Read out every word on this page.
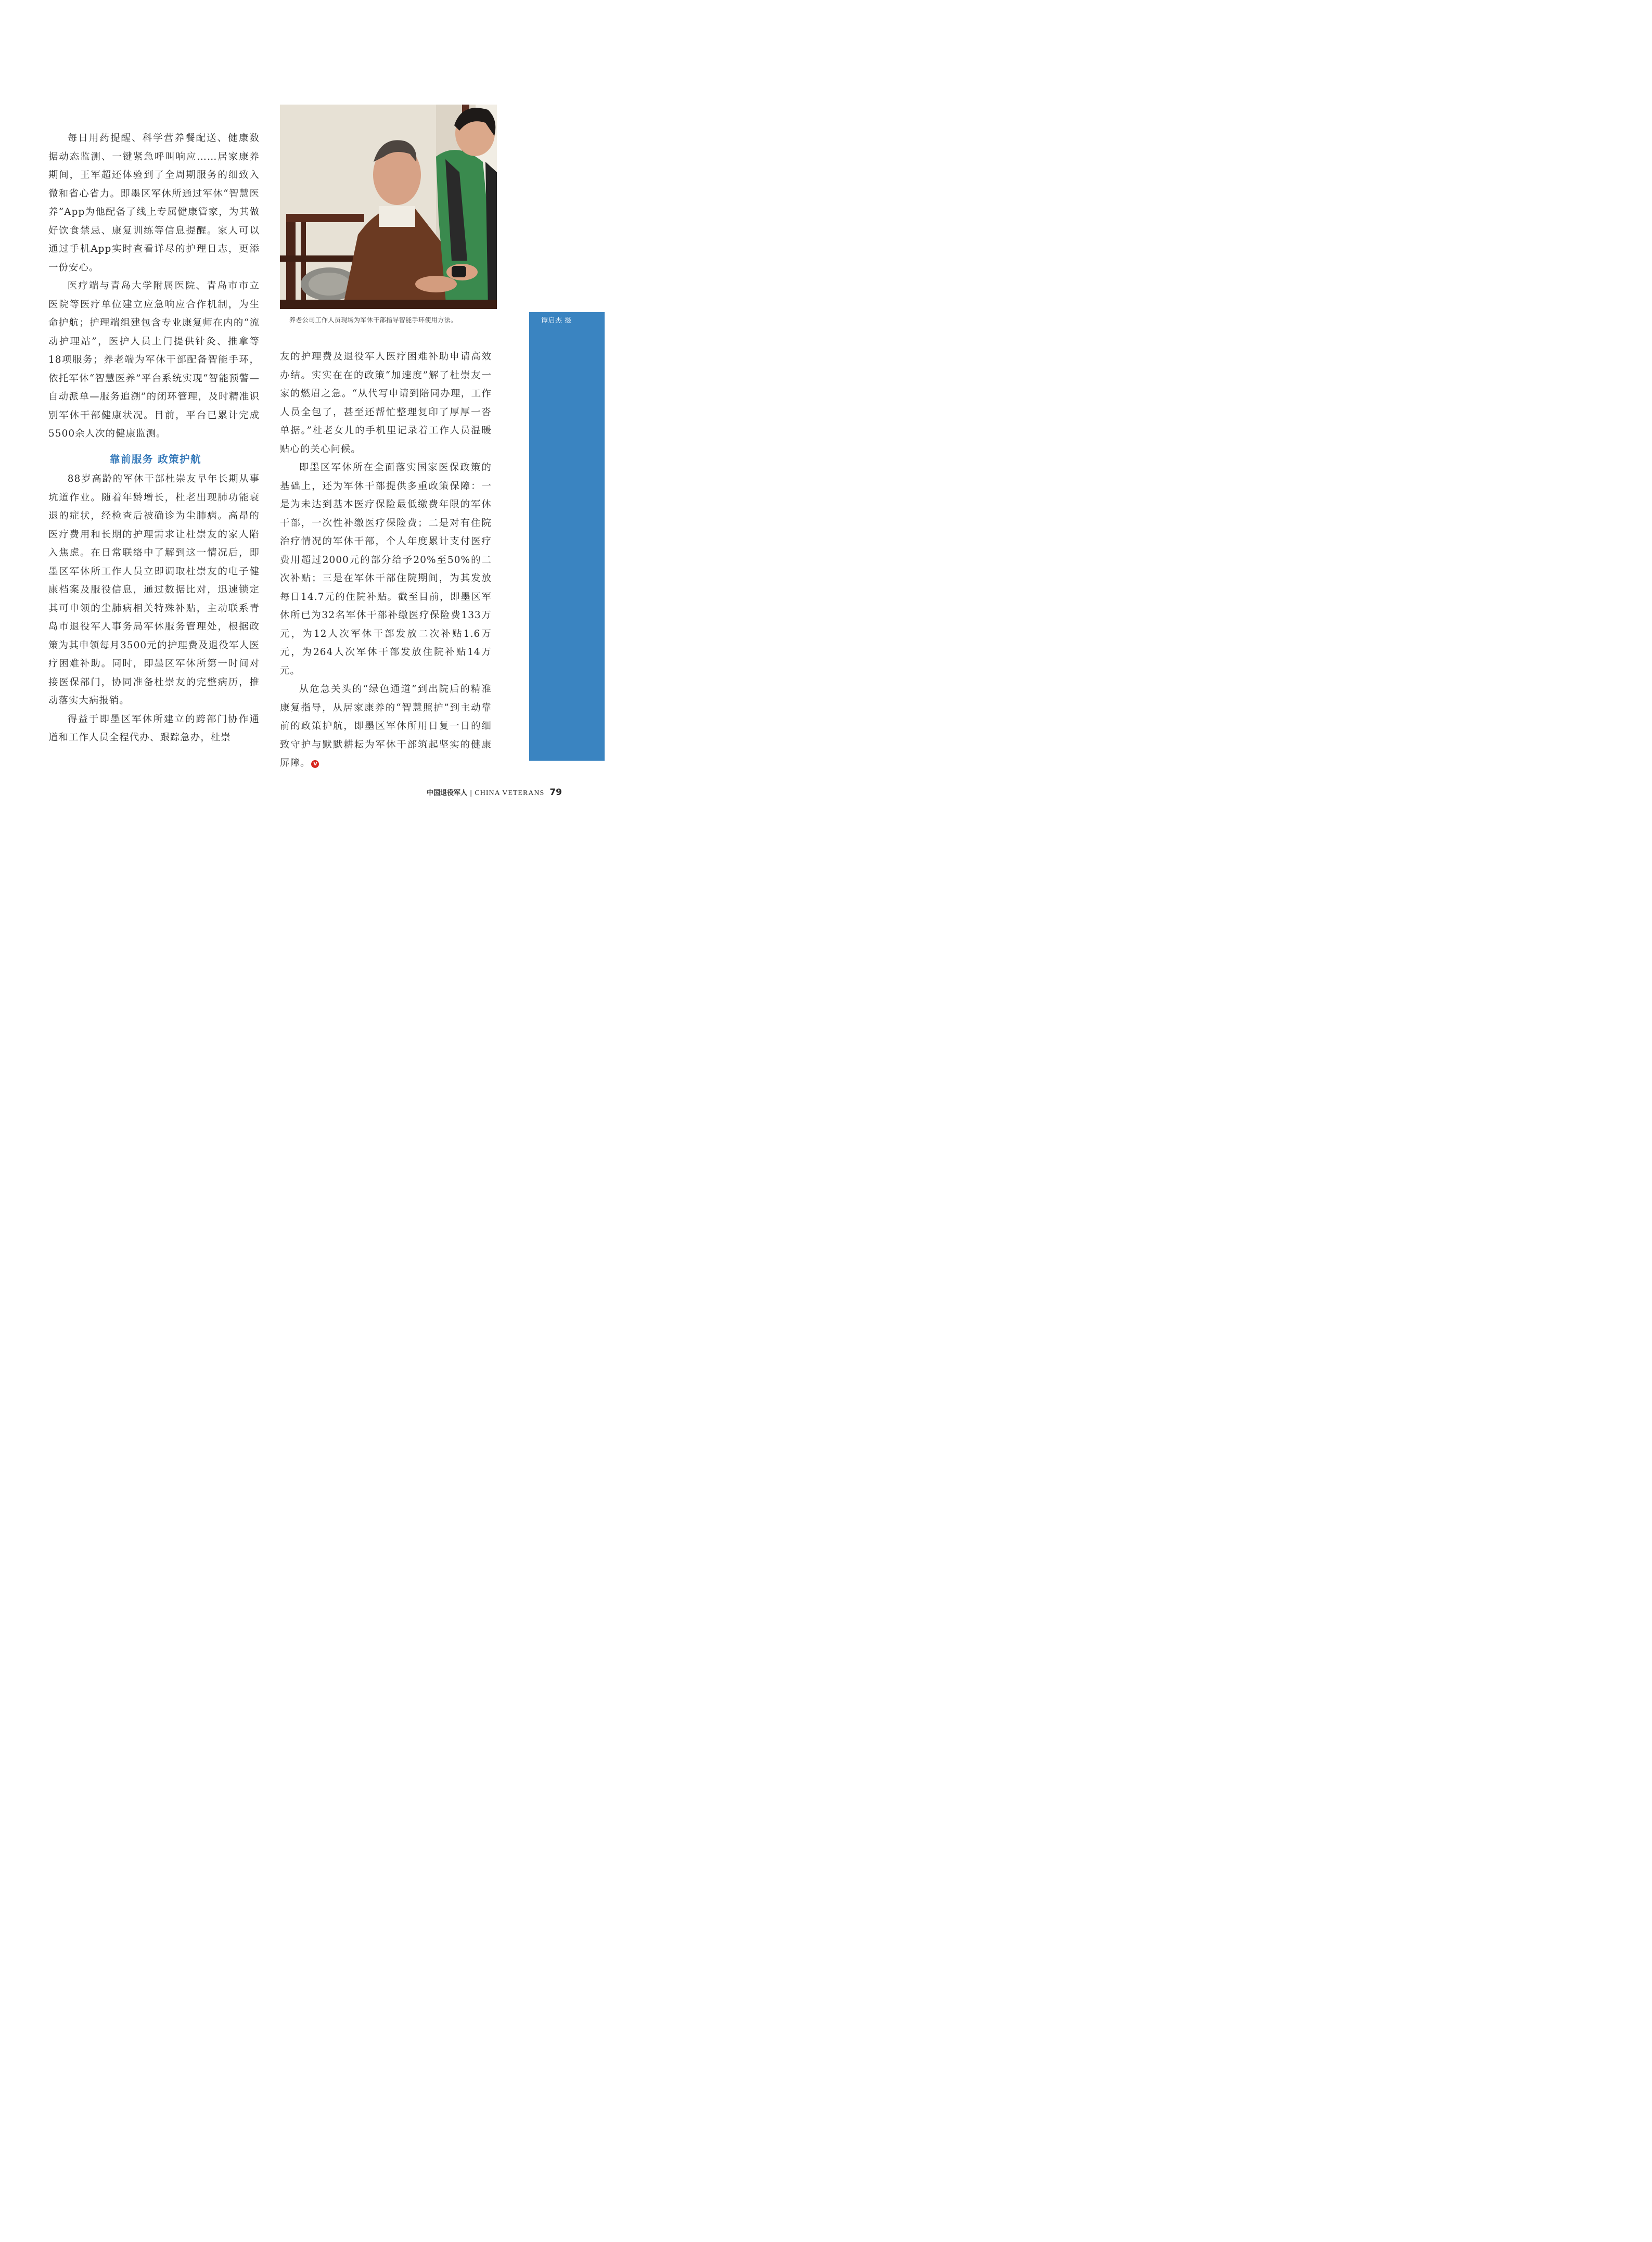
谭启杰 摄
养老公司工作人员现场为军休干部指导智能手环使用方法。

每日用药提醒、科学营养餐配送、健康数据动态监测、一键紧急呼叫响应……居家康养期间，王军超还体验到了全周期服务的细致入微和省心省力。即墨区军休所通过军休“智慧医养”App为他配备了线上专属健康管家，为其做好饮食禁忌、康复训练等信息提醒。家人可以通过手机App实时查看详尽的护理日志，更添一份安心。

医疗端与青岛大学附属医院、青岛市市立医院等医疗单位建立应急响应合作机制，为生命护航；护理端组建包含专业康复师在内的“流动护理站”，医护人员上门提供针灸、推拿等18项服务；养老端为军休干部配备智能手环，依托军休“智慧医养”平台系统实现“智能预警—自动派单—服务追溯”的闭环管理，及时精准识别军休干部健康状况。目前，平台已累计完成5500余人次的健康监测。

靠前服务 政策护航

88岁高龄的军休干部杜崇友早年长期从事坑道作业。随着年龄增长，杜老出现肺功能衰退的症状，经检查后被确诊为尘肺病。高昂的医疗费用和长期的护理需求让杜崇友的家人陷入焦虑。在日常联络中了解到这一情况后，即墨区军休所工作人员立即调取杜崇友的电子健康档案及服役信息，通过数据比对，迅速锁定其可申领的尘肺病相关特殊补贴，主动联系青岛市退役军人事务局军休服务管理处，根据政策为其申领每月3500元的护理费及退役军人医疗困难补助。同时，即墨区军休所第一时间对接医保部门，协同准备杜崇友的完整病历，推动落实大病报销。

得益于即墨区军休所建立的跨部门协作通道和工作人员全程代办、跟踪急办，杜崇

友的护理费及退役军人医疗困难补助申请高效办结。实实在在的政策“加速度”解了杜崇友一家的燃眉之急。“从代写申请到陪同办理，工作人员全包了，甚至还帮忙整理复印了厚厚一沓单据。”杜老女儿的手机里记录着工作人员温暖贴心的关心问候。

即墨区军休所在全面落实国家医保政策的基础上，还为军休干部提供多重政策保障：一是为未达到基本医疗保险最低缴费年限的军休干部，一次性补缴医疗保险费；二是对有住院治疗情况的军休干部，个人年度累计支付医疗费用超过2000元的部分给予20%至50%的二次补贴；三是在军休干部住院期间，为其发放每日14.7元的住院补贴。截至目前，即墨区军休所已为32名军休干部补缴医疗保险费133万元，为12人次军休干部发放二次补贴1.6万元，为264人次军休干部发放住院补贴14万元。

从危急关头的“绿色通道”到出院后的精准康复指导，从居家康养的“智慧照护”到主动靠前的政策护航，即墨区军休所用日复一日的细致守护与默默耕耘为军休干部筑起坚实的健康屏障。 V

中国退役军人 | CHINA VETERANS 79
